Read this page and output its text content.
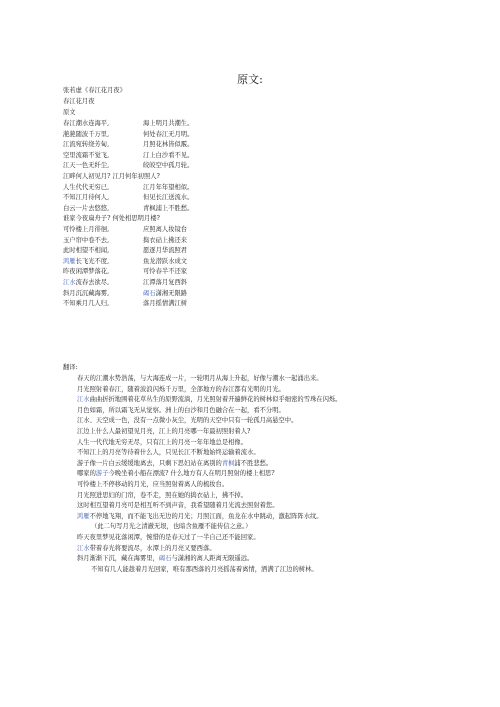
原文:
张若虚《春江花月夜》
春江花月夜
原文
春江潮水连海平,	海上明月共潮生。
滟滟随波千万里,	何处春江无月明。
江流宛转绕芳甸,	月照花林皆似霰。
空里流霜不觉飞,	汀上白沙看不见。
江天一色无纤尘,	皎皎空中孤月轮。
江畔何人初见月? 江月何年初照人?
人生代代无穷已,	江月年年望相似。
不知江月待何人,	但见长江送流水。
白云一片去悠悠,	青枫浦上不胜愁。
谁家今夜扁舟子? 何处相思明月楼?
可怜楼上月徘徊,	应照离人妆镜台
玉户帘中卷不去,	捣衣砧上拂还来
此时相望不相闻,	愿逐月华流照君
鸿雁长飞光不度,	鱼龙潜跃水成文
昨夜闲潭梦落花,	可怜春半不还家
江水流春去欲尽,	江潭落月复西斜
斜月沉沉藏海雾,	碣石潇湘无限路
不知乘月几人归,	落月摇情满江树
翻译:

春天的江潮水势浩荡，与大海连成一片，一轮明月从海上升起，好像与潮水一起涌出来。

月光照射着春江，随着波浪闪烁千万里，全部地方的春江都有光明的月光。

江水曲曲折折地围着花草丛生的原野流淌，月光照射着开遍鲜花的树林似乎细密的雪珠在闪烁。

月色如霜，所以霜飞无从觉察。洲上的白沙和月色融合在一起，看不分明。

江水、天空成一色，没有一点微小灰尘，光明的天空中只有一轮孤月高悬空中。

江边上什么人最初望见月亮，江上的月亮哪一年最初照射着人?

人生一代代地无穷无尽，只有江上的月亮一年年地总是相像。

不知江上的月亮等待着什么人，只见长江不断地始终运输着流水。

游子像一片白云缓缓地离去，只剩下思妇站在离别的青枫浦不胜悲愁。

哪家的游子今晚坐着小船在漂流? 什么地方有人在明月照射的楼上相思?

可怜楼上不停移动的月光，应当照射着离人的梳妆台。

月光照进思妇的门帘，卷不走，照在她的捣衣砧上，拂不掉。

这时相互望着月亮可是相互听不到声音，我希望随着月光流去照射着您。

鸿雁不停地飞翔，而不能飞出无边的月光；月照江面，鱼龙在水中跳动，激起阵阵水纹。

（此二句写月光之清澈无垠，也暗含鱼雁不能传信之意。）

昨天夜里梦见花落闲潭，惋惜的是春天过了一半自己还不能回家。

江水带着春光将要流尽，水潭上的月亮又要西落。

斜月渐渐下沉，藏在海雾里，碣石与潇湘的离人距离无限遥远。

不知有几人能趁着月光回家，唯有那西落的月亮摇荡着离情，洒满了江边的树林。
